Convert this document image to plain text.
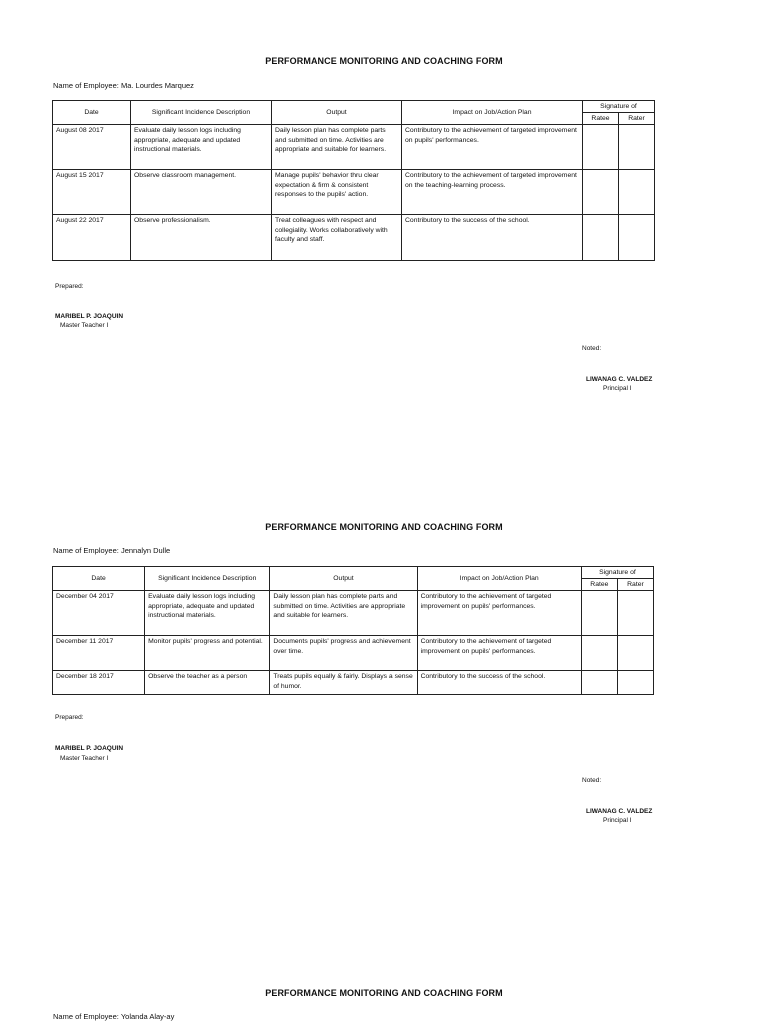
PERFORMANCE MONITORING AND COACHING FORM
Name of Employee: Ma. Lourdes Marquez
Date	Significant Incidence Description	Output	Impact on Job/Action Plan	Signature of	
				Ratee	Rater
August 08 2017	Evaluate daily lesson logs including appropriate, adequate and updated instructional materials.	Daily lesson plan has complete parts and submitted on time. Activities are appropriate and suitable for learners.	Contributory to the achievement of targeted improvement on pupils' performances.		
August 15 2017	Observe classroom management.	Manage pupils' behavior thru clear expectation & firm & consistent responses to the pupils' action.	Contributory to the achievement of targeted improvement on the teaching-learning process.		
August 22 2017	Observe professionalism.	Treat colleagues with respect and collegiality. Works collaboratively with faculty and staff.	Contributory to the success of the school.		
Prepared:
MARIBEL P. JOAQUIN
Master Teacher I
Noted:
LIWANAG C. VALDEZ
Principal I
PERFORMANCE MONITORING AND COACHING FORM
Name of Employee: Jennalyn Dulle
Date	Significant Incidence Description	Output	Impact on Job/Action Plan	Signature of	
				Ratee	Rater
December 04 2017	Evaluate daily lesson logs including appropriate, adequate and updated instructional materials.	Daily lesson plan has complete parts and submitted on time. Activities are appropriate and suitable for learners.	Contributory to the achievement of targeted improvement on pupils' performances.		
December 11 2017	Monitor pupils' progress and potential.	Documents pupils' progress and achievement over time.	Contributory to the achievement of targeted improvement on pupils' performances.		
December 18 2017	Observe the teacher as a person	Treats pupils equally & fairly. Displays a sense of humor.	Contributory to the success of the school.		
Prepared:
MARIBEL P. JOAQUIN
Master Teacher I
Noted:
LIWANAG C. VALDEZ
Principal I
PERFORMANCE MONITORING AND COACHING FORM
Name of Employee: Yolanda Alay-ay
